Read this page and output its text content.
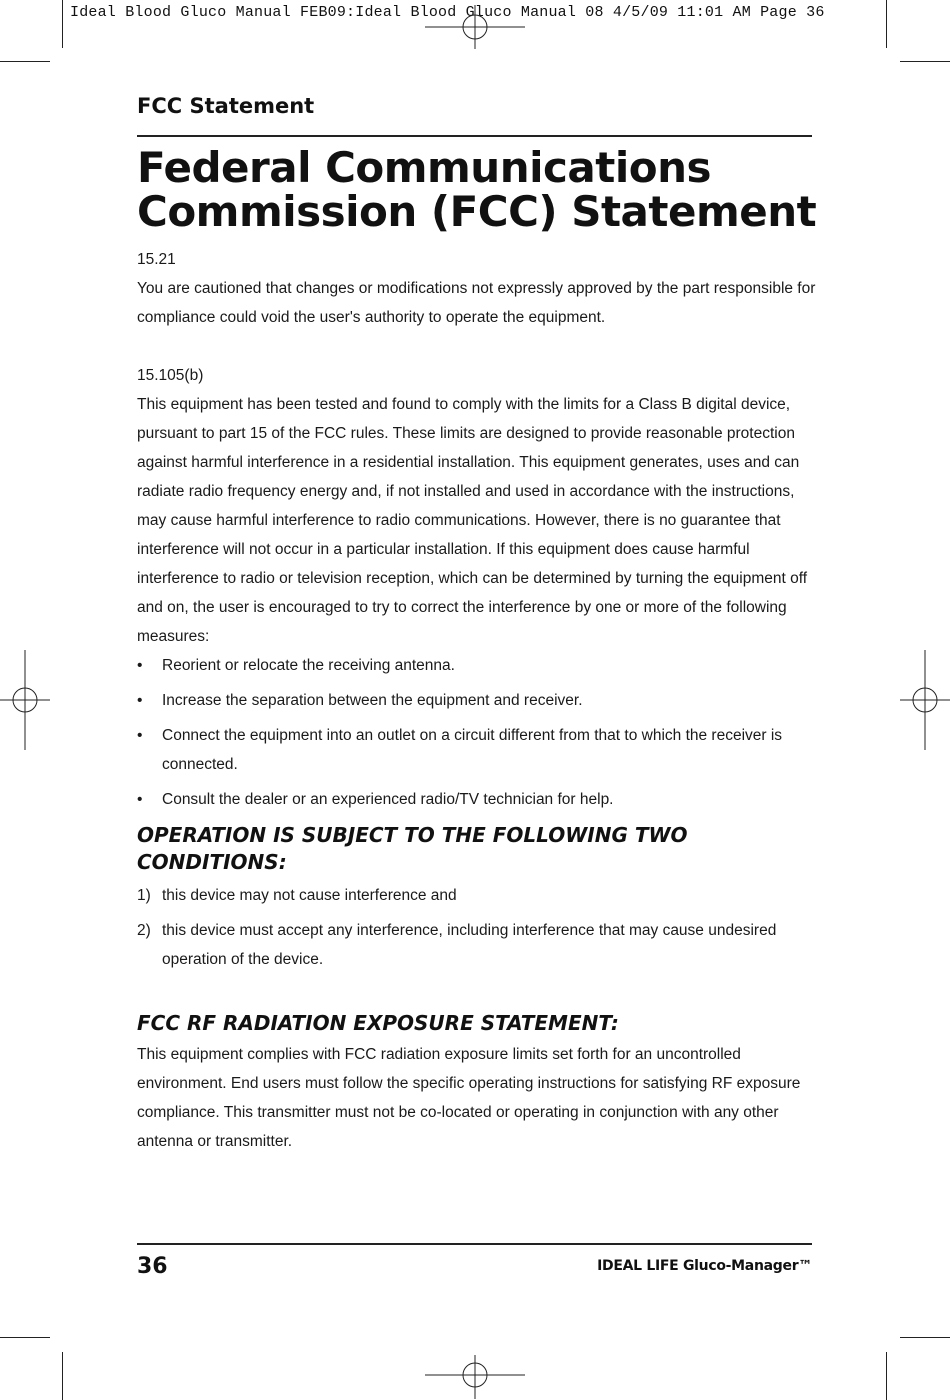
Ideal Blood Gluco Manual FEB09:Ideal Blood Gluco Manual 08 4/5/09 11:01 AM Page 36
FCC Statement
Federal Communications
Commission (FCC) Statement

15.21

You are cautioned that changes or modifications not expressly approved by the part responsible for compliance could void the user's authority to operate the equipment.

15.105(b)

This equipment has been tested and found to comply with the limits for a Class B digital device, pursuant to part 15 of the FCC rules. These limits are designed to provide reasonable protection against harmful interference in a residential installation. This equipment generates, uses and can radiate radio frequency energy and, if not installed and used in accordance with the instructions, may cause harmful interference to radio communications. However, there is no guarantee that interference will not occur in a particular installation. If this equipment does cause harmful interference to radio or television reception, which can be determined by turning the equipment off and on, the user is encouraged to try to correct the interference by one or more of the following measures:

• Reorient or relocate the receiving antenna.
• Increase the separation between the equipment and receiver.
• Connect the equipment into an outlet on a circuit different from that to which the receiver is connected.
• Consult the dealer or an experienced radio/TV technician for help.
OPERATION IS SUBJECT TO THE FOLLOWING TWO
CONDITIONS:
1) this device may not cause interference and
2) this device must accept any interference, including interference that may cause undesired operation of the device.
FCC RF RADIATION EXPOSURE STATEMENT:

This equipment complies with FCC radiation exposure limits set forth for an uncontrolled environment. End users must follow the specific operating instructions for satisfying RF exposure compliance. This transmitter must not be co-located or operating in conjunction with any other antenna or transmitter.

36	IDEAL LIFE Gluco-Manager™
